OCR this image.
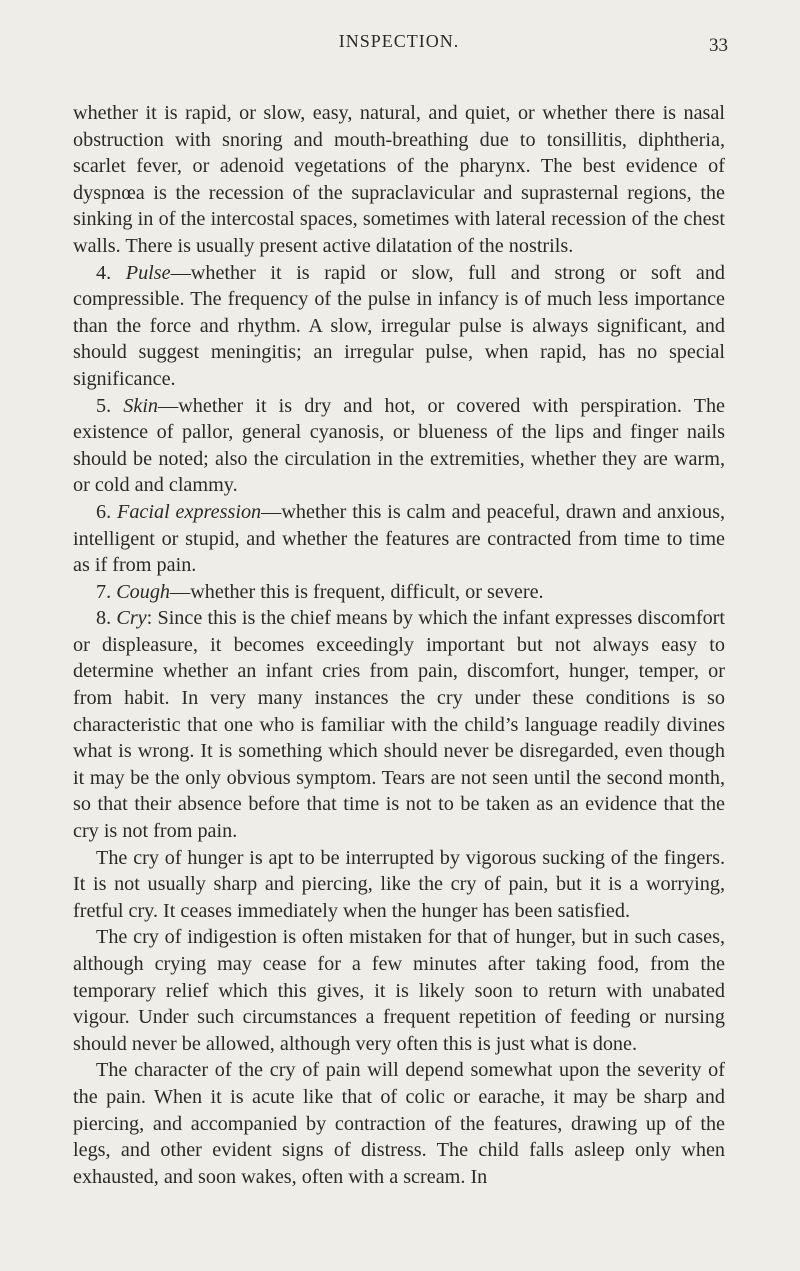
INSPECTION.	33

whether it is rapid, or slow, easy, natural, and quiet, or whether there is nasal obstruction with snoring and mouth-breathing due to tonsillitis, diphtheria, scarlet fever, or adenoid vegetations of the pharynx. The best evidence of dyspnœa is the recession of the supraclavicular and suprasternal regions, the sinking in of the intercostal spaces, sometimes with lateral recession of the chest walls. There is usually present active dilatation of the nostrils.

4. Pulse—whether it is rapid or slow, full and strong or soft and compressible. The frequency of the pulse in infancy is of much less importance than the force and rhythm. A slow, irregular pulse is always significant, and should suggest meningitis; an irregular pulse, when rapid, has no special significance.

5. Skin—whether it is dry and hot, or covered with perspiration. The existence of pallor, general cyanosis, or blueness of the lips and finger nails should be noted; also the circulation in the extremities, whether they are warm, or cold and clammy.

6. Facial expression—whether this is calm and peaceful, drawn and anxious, intelligent or stupid, and whether the features are contracted from time to time as if from pain.

7. Cough—whether this is frequent, difficult, or severe.

8. Cry: Since this is the chief means by which the infant expresses discomfort or displeasure, it becomes exceedingly important but not always easy to determine whether an infant cries from pain, discomfort, hunger, temper, or from habit. In very many instances the cry under these conditions is so characteristic that one who is familiar with the child’s language readily divines what is wrong. It is something which should never be disregarded, even though it may be the only obvious symptom. Tears are not seen until the second month, so that their absence before that time is not to be taken as an evidence that the cry is not from pain.

The cry of hunger is apt to be interrupted by vigorous sucking of the fingers. It is not usually sharp and piercing, like the cry of pain, but it is a worrying, fretful cry. It ceases immediately when the hunger has been satisfied.

The cry of indigestion is often mistaken for that of hunger, but in such cases, although crying may cease for a few minutes after taking food, from the temporary relief which this gives, it is likely soon to return with unabated vigour. Under such circumstances a frequent repetition of feeding or nursing should never be allowed, although very often this is just what is done.

The character of the cry of pain will depend somewhat upon the severity of the pain. When it is acute like that of colic or earache, it may be sharp and piercing, and accompanied by contraction of the features, drawing up of the legs, and other evident signs of distress. The child falls asleep only when exhausted, and soon wakes, often with a scream. In
